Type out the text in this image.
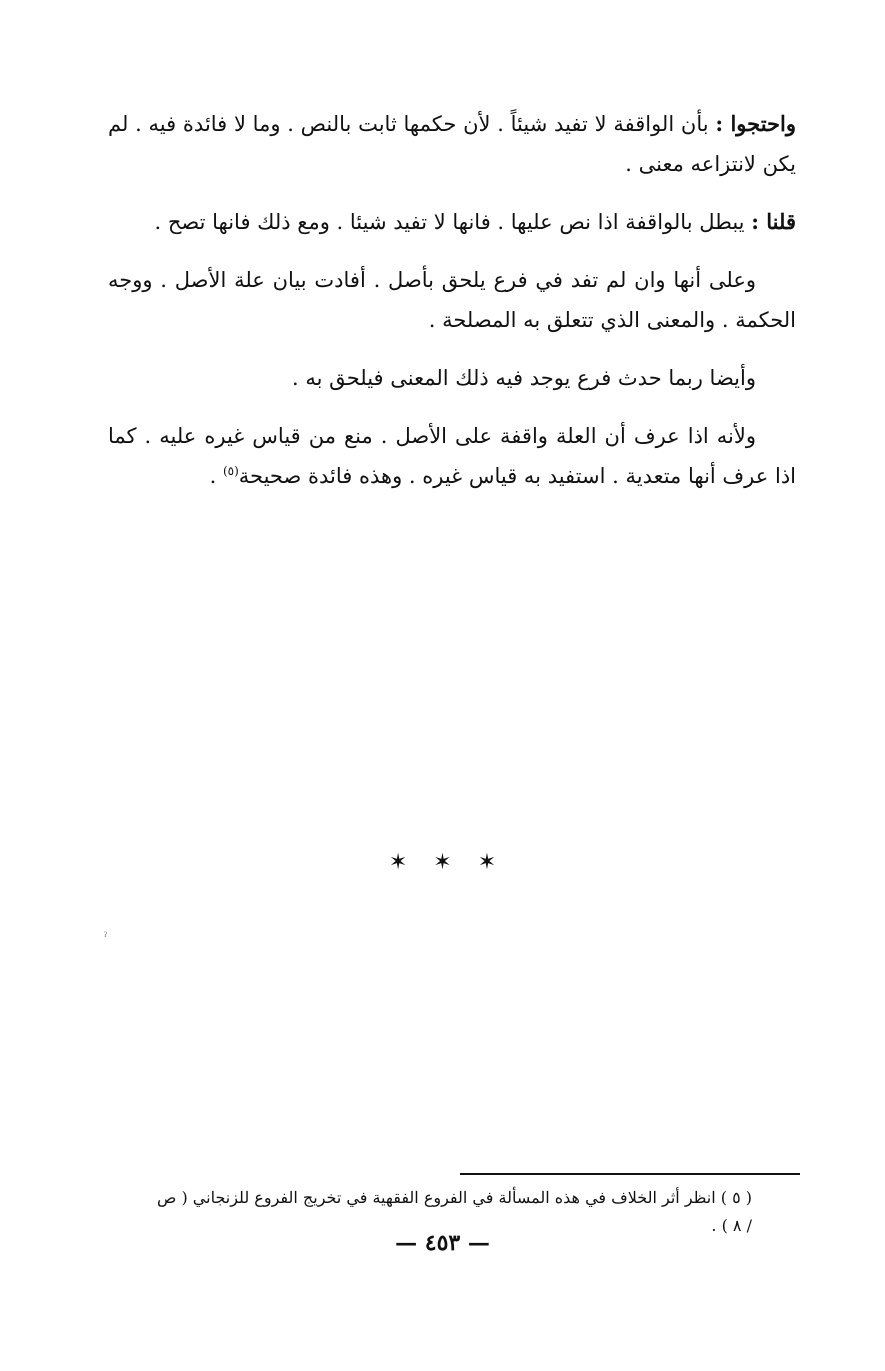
واحتجوا : بأن الواقفة لا تفيد شيئاً . لأن حكمها ثابت بالنص . وما لا فائدة فيه . لم يكن لانتزاعه معنى .

قلنا : يبطل بالواقفة اذا نص عليها . فانها لا تفيد شيئا . ومع ذلك فانها تصح .

وعلى أنها وان لم تفد في فرع يلحق بأصل . أفادت بيان علة الأصل . ووجه الحكمة . والمعنى الذي تتعلق به المصلحة .

وأيضا ربما حدث فرع يوجد فيه ذلك المعنى فيلحق به .

ولأنه اذا عرف أن العلة واقفة على الأصل . منع من قياس غيره عليه . كما اذا عرف أنها متعدية . استفيد به قياس غيره . وهذه فائدة صحيحة$^{(٥)}$ .

✶✶✶
ˀ
( ٥ ) انظر أثر الخلاف في هذه المسألة في الفروع الفقهية في تخريج الفروع للزنجاني ( ص / ٨ ) .
— ٤٥٣ —
